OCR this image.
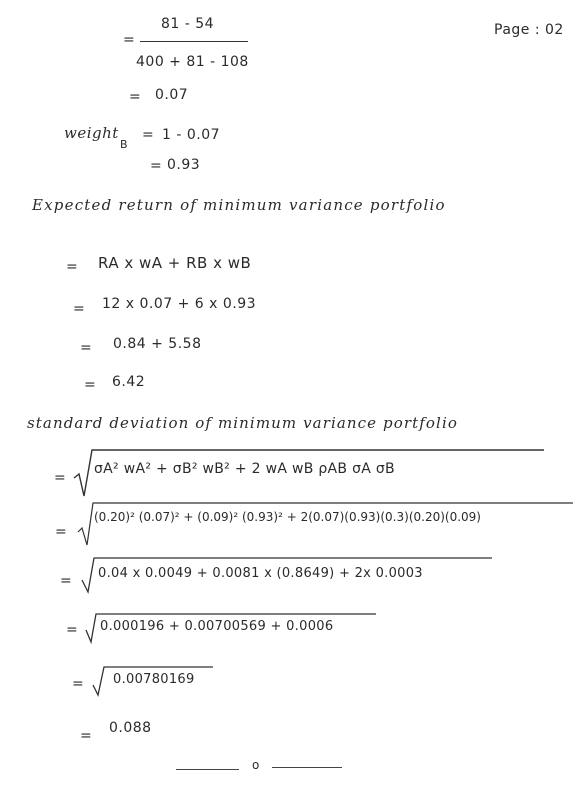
Page : 02
=
81 - 54
400 + 81 - 108
= 0.07
weight
B
= 1 - 0.07
= 0.93
Expected return of minimum variance portfolio
= RA x wA + RB x wB
= 12 x 0.07 + 6 x 0.93
= 0.84 + 5.58
= 6.42
standard deviation of minimum variance portfolio
=
σA² wA² + σB² wB² + 2 wA wB ρAB σA σB
=
(0.20)² (0.07)² + (0.09)² (0.93)² + 2(0.07)(0.93)(0.3)(0.20)(0.09)
= 0.04 x 0.0049 + 0.0081 x (0.8649) + 2x 0.0003
= 0.000196 + 0.00700569 + 0.0006
= 0.00780169
= 0.088
o
